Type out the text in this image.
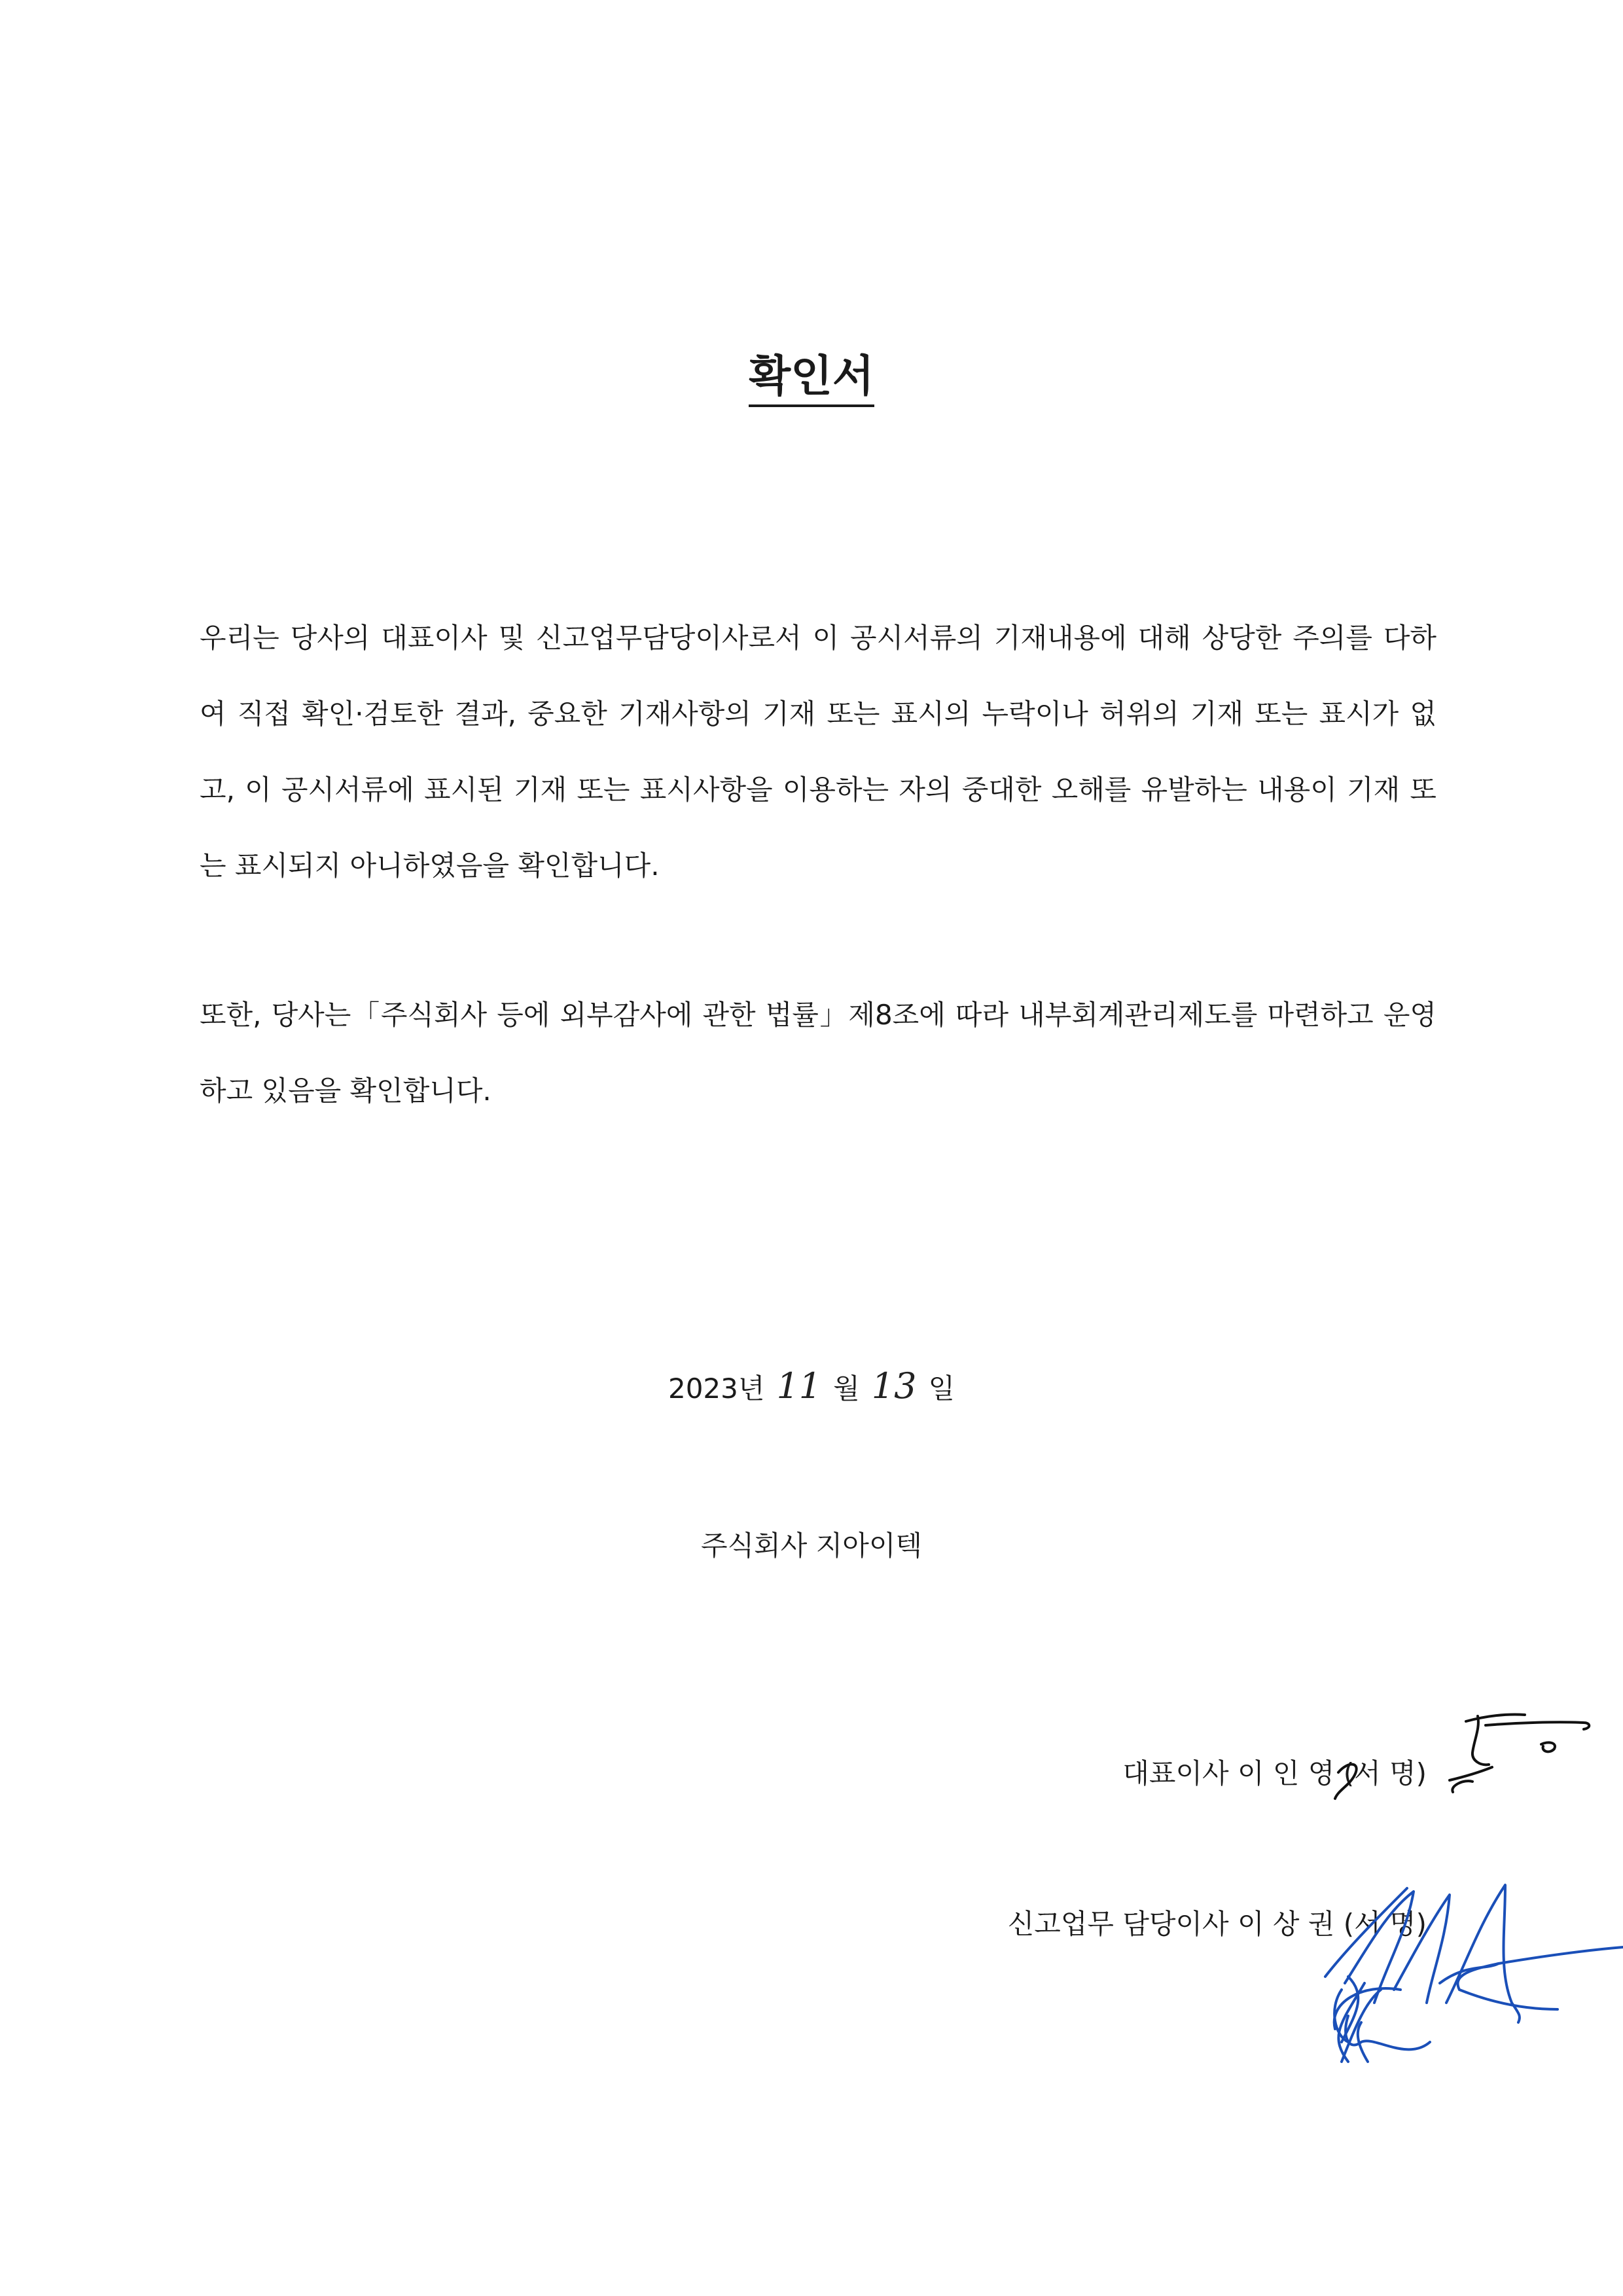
확인서

우리는 당사의 대표이사 및 신고업무담당이사로서 이 공시서류의 기재내용에 대해 상당한 주의를 다하여 직접 확인·검토한 결과, 중요한 기재사항의 기재 또는 표시의 누락이나 허위의 기재 또는 표시가 없고, 이 공시서류에 표시된 기재 또는 표시사항을 이용하는 자의 중대한 오해를 유발하는 내용이 기재 또는 표시되지 아니하였음을 확인합니다.

또한, 당사는「주식회사 등에 외부감사에 관한 법률」제8조에 따라 내부회계관리제도를 마련하고 운영하고 있음을 확인합니다.

2023년 11 월 13 일
주식회사 지아이텍
대표이사 이 인 영 (서 명)
신고업무 담당이사 이 상 권 (서 명)
